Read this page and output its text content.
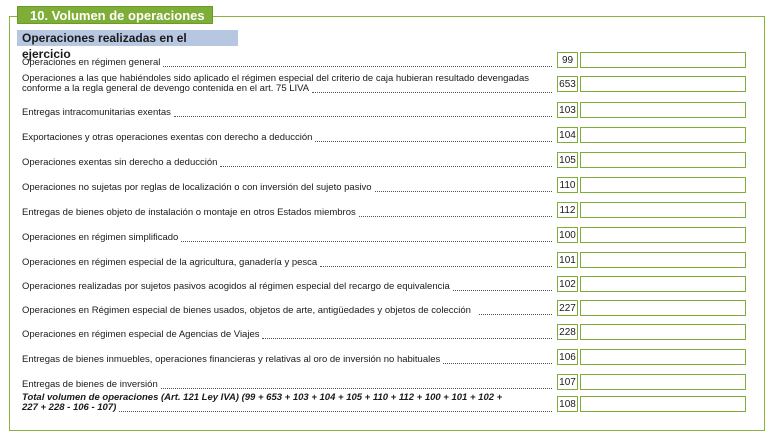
10. Volumen de operaciones
Operaciones realizadas en el ejercicio
Operaciones en régimen general	99
Operaciones a las que habiéndoles sido aplicado el régimen especial del criterio de caja hubieran resultado devengadas
conforme a la regla general de devengo contenida en el art. 75 LIVA	653
Entregas intracomunitarias exentas	103
Exportaciones y otras operaciones exentas con derecho a deducción	104
Operaciones exentas sin derecho a deducción	105
Operaciones no sujetas por reglas de localización o con inversión del sujeto pasivo	110
Entregas de bienes objeto de instalación o montaje en otros Estados miembros	112
Operaciones en régimen simplificado	100
Operaciones en régimen especial de la agricultura, ganadería y pesca	101
Operaciones realizadas por sujetos pasivos acogidos al régimen especial del recargo de equivalencia	102
Operaciones en Régimen especial de bienes usados, objetos de arte, antigüedades y objetos de colección	227
Operaciones en régimen especial de Agencias de Viajes	228
Entregas de bienes inmuebles, operaciones financieras y relativas al oro de inversión no habituales	106
Entregas de bienes de inversión	107
Total volumen de operaciones (Art. 121 Ley IVA) (99 + 653 + 103 + 104 + 105 + 110 + 112 + 100 + 101 + 102 +
227 + 228 - 106 - 107)	108
